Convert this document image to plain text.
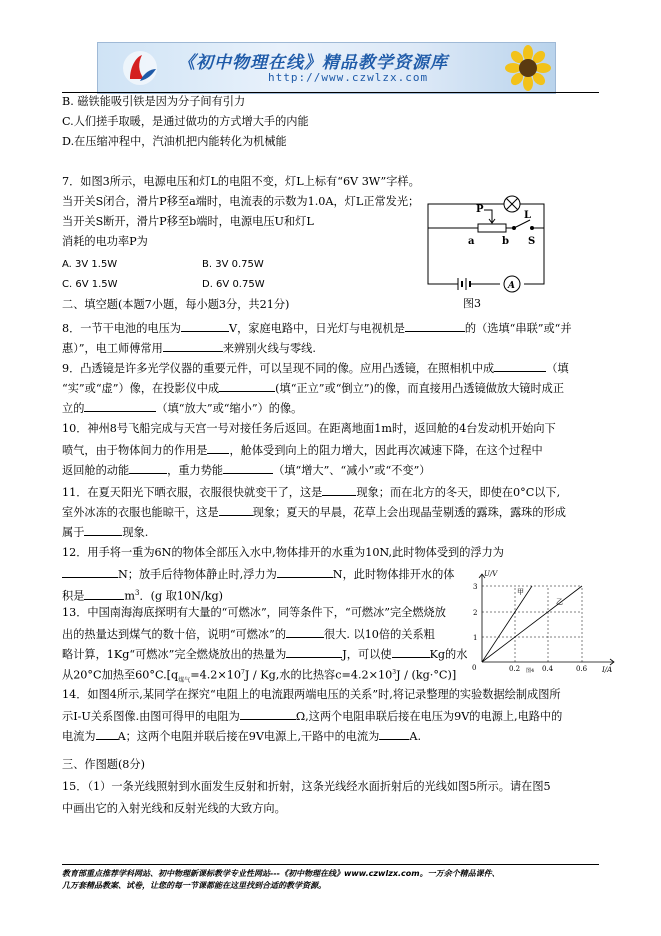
《初中物理在线》精品教学资源库
http://www.czwlzx.com
B. 磁铁能吸引铁是因为分子间有引力
C.人们搓手取暖，是通过做功的方式增大手的内能
D.在压缩冲程中，汽油机把内能转化为机械能
7．如图3所示，电源电压和灯L的电阻不变，灯L上标有“6V 3W”字样。
当开关S闭合，滑片P移至a端时，电流表的示数为1.0A，灯L正常发光；
当开关S断开，滑片P移至b端时，电源电压U和灯L
消耗的电功率P为
A. 3V 1.5W	B. 3V 0.75W
C. 6V 1.5W	D. 6V 0.75W
P
L
a	b S
A
图3
二、填空题(本题7小题，每小题3分，共21分)
8．一节干电池的电压为	V，家庭电路中，日光灯与电视机是	的（选填“串联”或“并
惠）”，电工师傅常用	来辨别火线与零线.
9．凸透镜是许多光学仪器的重要元件，可以呈现不同的像。应用凸透镜，在照相机中成	（填
“实”或“虚”）像，在投影仪中成	(填“正立”或“倒立”)的像，而直接用凸透镜做放大镜时成正
立的	（填“放大”或“缩小”）的像。
10．神州8号飞船完成与天宫一号对接任务后返回。在距离地面1m时，返回舱的4台发动机开始向下
喷气，由于物体间力的作用是 ，舱体受到向上的阻力增大，因此再次减速下降，在这个过程中
返回舱的动能	，重力势能	（填“增大”、“减小”或“不变”）
11．在夏天阳光下晒衣服，衣服很快就变干了，这是	现象；而在北方的冬天，即使在0°C以下,
室外冰冻的衣服也能晾干，这是	现象；夏天的早晨，花草上会出现晶莹剔透的露珠，露珠的形成
属于	现象.
12．用手将一重为6N的物体全部压入水中,物体排开的水重为10N,此时物体受到的浮力为
N；放手后待物体静止时,浮力为	N，此时物体排开水的体
积是	$m^3$．(g 取10N/kg)
13．中国南海海底探明有大量的“可燃冰”，同等条件下，“可燃冰”完全燃烧放
出的热量达到煤气的数十倍，说明“可燃冰”的	很大. 以10倍的关系粗
略计算，1Kg“可燃冰”完全燃烧放出的热量为	J，可以使	Kg的水
从20°C加热至$60^\circ C.[q_{煤气}=4.2\times 10^7J / Kg$,水的比热容$c=4.2\times 10^3J / (kg\cdot^\circ C)$]
U/V
I/A
3
2
1
0	0.2	0.4	0.6
甲
乙
图4
14．如图4所示,某同学在探究“电阻上的电流跟两端电压的关系”时,将记录整理的实验数据绘制成图所
示I-U关系图像.由图可得甲的电阻为	Ω,这两个电阻串联后接在电压为9V的电源上,电路中的
电流为 A；这两个电阻并联后接在9V电源上,干路中的电流为	A.
三、作图题(8分)
15．（1）一条光线照射到水面发生反射和折射，这条光线经水面折射后的光线如图5所示。请在图5
中画出它的入射光线和反射光线的大致方向。
教育部重点推荐学科网站、初中物理新课标教学专业性网站---《初中物理在线》www.czwlzx.com。一万余个精品课件、
几万套精品教案、试卷，让您的每一节课都能在这里找到合适的教学资源。
